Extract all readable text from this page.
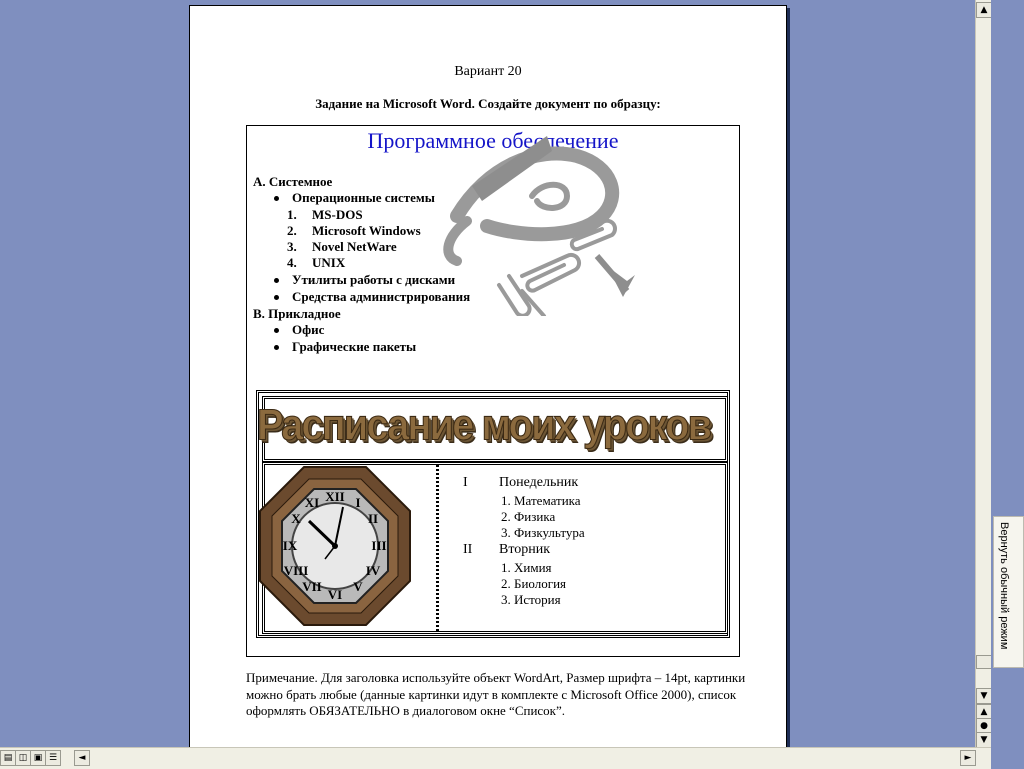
Вариант 20
Задание на Microsoft Word. Создайте документ по образцу:
Программное обеспечение
А. Системное
Операционные системы
1. MS-DOS
2. Microsoft Windows
3. Novel NetWare
4. UNIX
Утилиты работы с дисками
Средства администрирования
В. Прикладное
Офис
Графические пакеты
Расписание моих уроков
XII I
II
III
IV
V
VI
VII
VIII
IX
X
XI
I Понедельник
1. Математика
2. Физика
3. Физкультура
II Вторник
1. Химия
2. Биология
3. История
Примечание. Для заголовка используйте объект WordArt, Размер шрифта – 14pt, картинки можно брать любые (данные картинки идут в комплекте с Microsoft Office 2000), список оформлять ОБЯЗАТЕЛЬНО в диалоговом окне “Список”.
▲
▼
▲
●
▼
Вернуть обычный режим
▤ ◫ ▣ ☰	◄	►
